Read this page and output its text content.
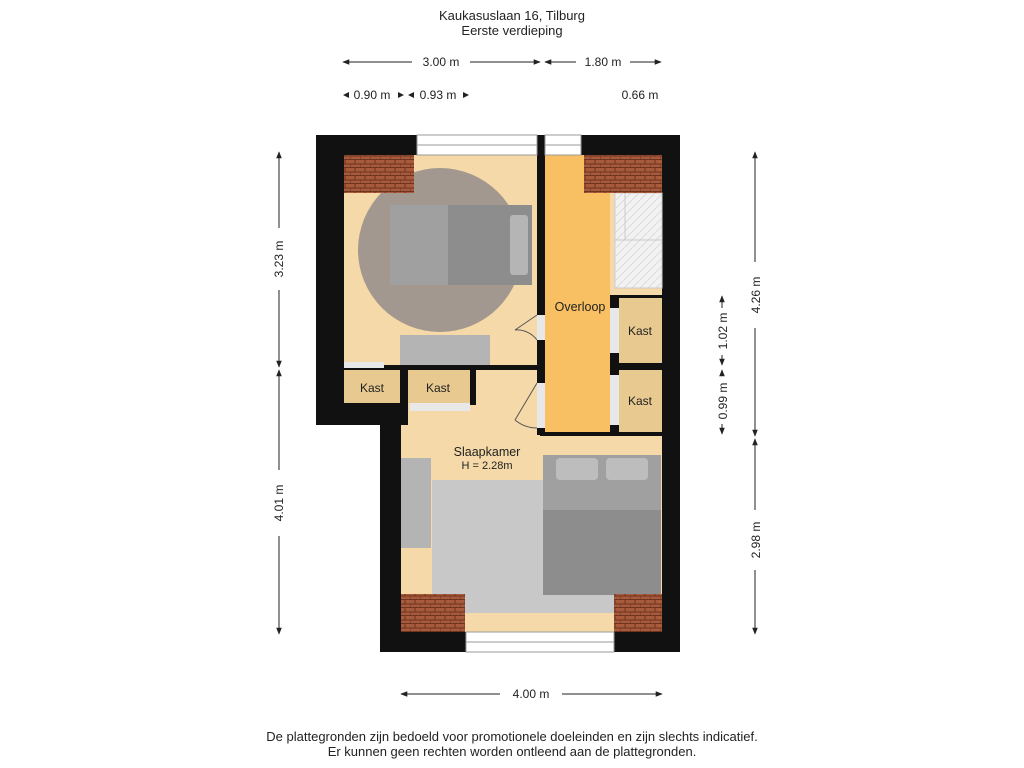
Kaukasuslaan 16, Tilburg
Eerste verdieping
Overloop
Kast	Kast
Kast
Kast
Slaapkamer
H = 2.28m
3.00 m	1.80 m
0.90 m 0.93 m	0.66 m
4.00 m
3.23 m
4.01 m
4.26 m
2.98 m
1.02 m
0.99 m
De plattegronden zijn bedoeld voor promotionele doeleinden en zijn slechts indicatief.
Er kunnen geen rechten worden ontleend aan de plattegronden.
